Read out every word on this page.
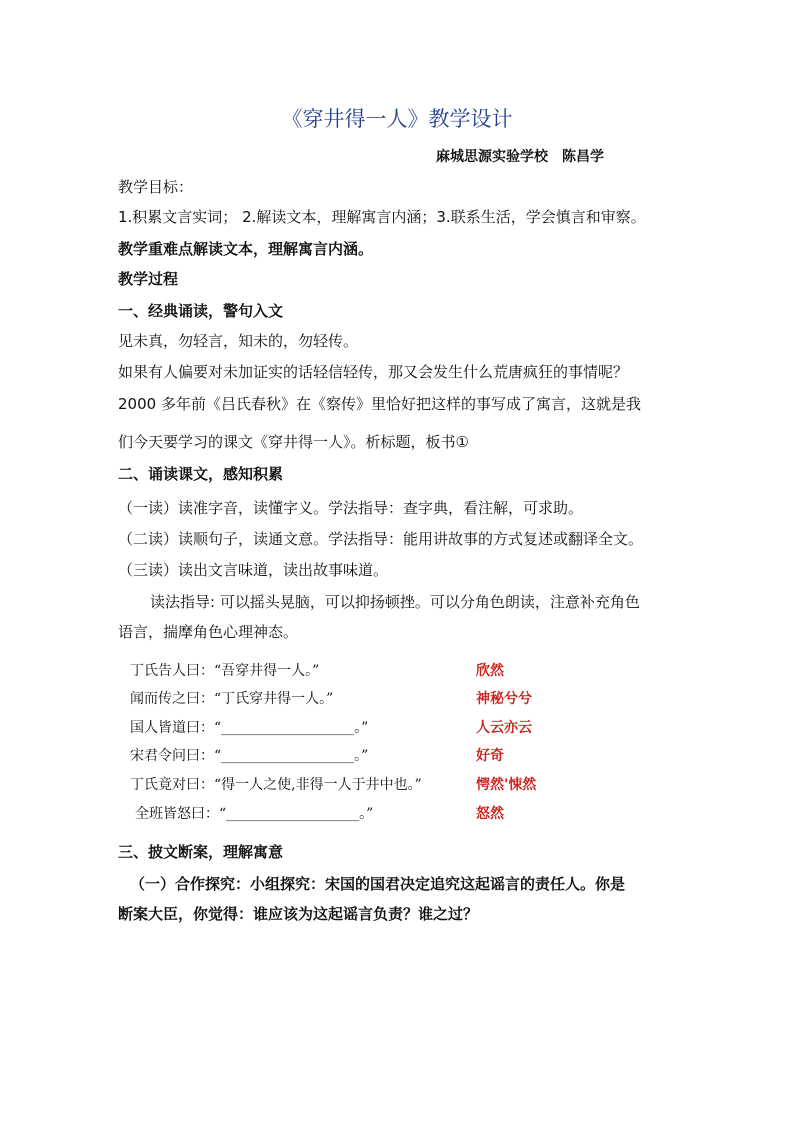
《穿井得一人》教学设计
麻城思源实验学校　陈昌学
教学目标：
1.积累文言实词； 2.解读文本，理解寓言内涵；3.联系生活，学会慎言和审察。
教学重难点解读文本，理解寓言内涵。
教学过程
一、经典诵读，警句入文
见未真，勿轻言，知未的，勿轻传。
如果有人偏要对未加证实的话轻信轻传，那又会发生什么荒唐疯狂的事情呢？
2000 多年前《吕氏春秋》在《察传》里恰好把这样的事写成了寓言，这就是我
们今天要学习的课文《穿井得一人》。析标题，板书①
二、诵读课文，感知积累
（一读）读准字音，读懂字义。学法指导：查字典，看注解，可求助。
（二读）读顺句子，读通文意。学法指导：能用讲故事的方式复述或翻译全文。
（三读）读出文言味道，读出故事味道。
读法指导: 可以摇头晃脑，可以抑扬顿挫。可以分角色朗读，注意补充角色
语言，揣摩角色心理神态。
丁氏告人曰：“吾穿井得一人。”	欣然
闻而传之曰：“丁氏穿井得一人。”	神秘兮兮
国人皆道曰：“___________________。”	人云亦云
宋君令问曰：“___________________。”	好奇
丁氏竟对曰：“得一人之使,非得一人于井中也。”	愕然'悚然
全班皆怒曰：“___________________。”	怒然
三、披文断案，理解寓意
（一）合作探究：小组探究：宋国的国君决定追究这起谣言的责任人。你是
断案大臣，你觉得：谁应该为这起谣言负责？谁之过？
